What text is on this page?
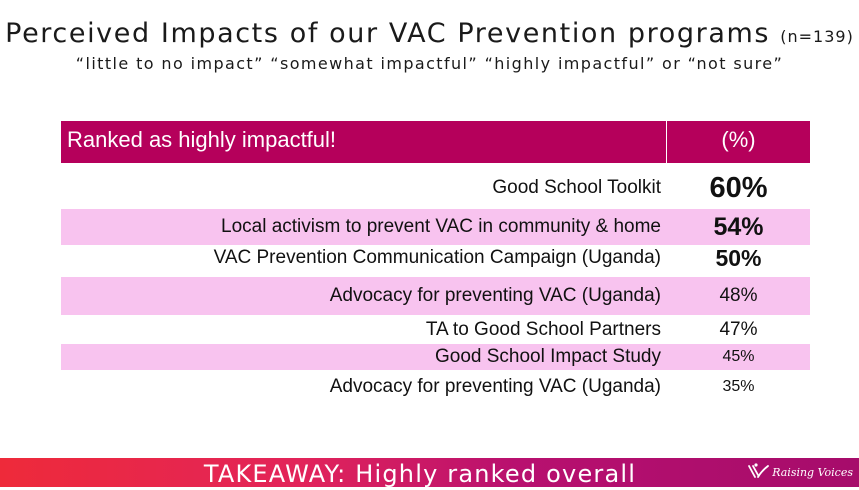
Perceived Impacts of our VAC Prevention programs (n=139)
“little to no impact” “somewhat impactful” “highly impactful” or “not sure”
Ranked as highly impactful!	(%)
Good School Toolkit	60%
Local activism to prevent VAC in community & home	54%
VAC Prevention Communication Campaign (Uganda)	50%
Advocacy for preventing VAC (Uganda)	48%
TA to Good School Partners	47%
Good School Impact Study	45%
Advocacy for preventing VAC (Uganda)	35%
TAKEAWAY: Highly ranked overall	Raising Voices
